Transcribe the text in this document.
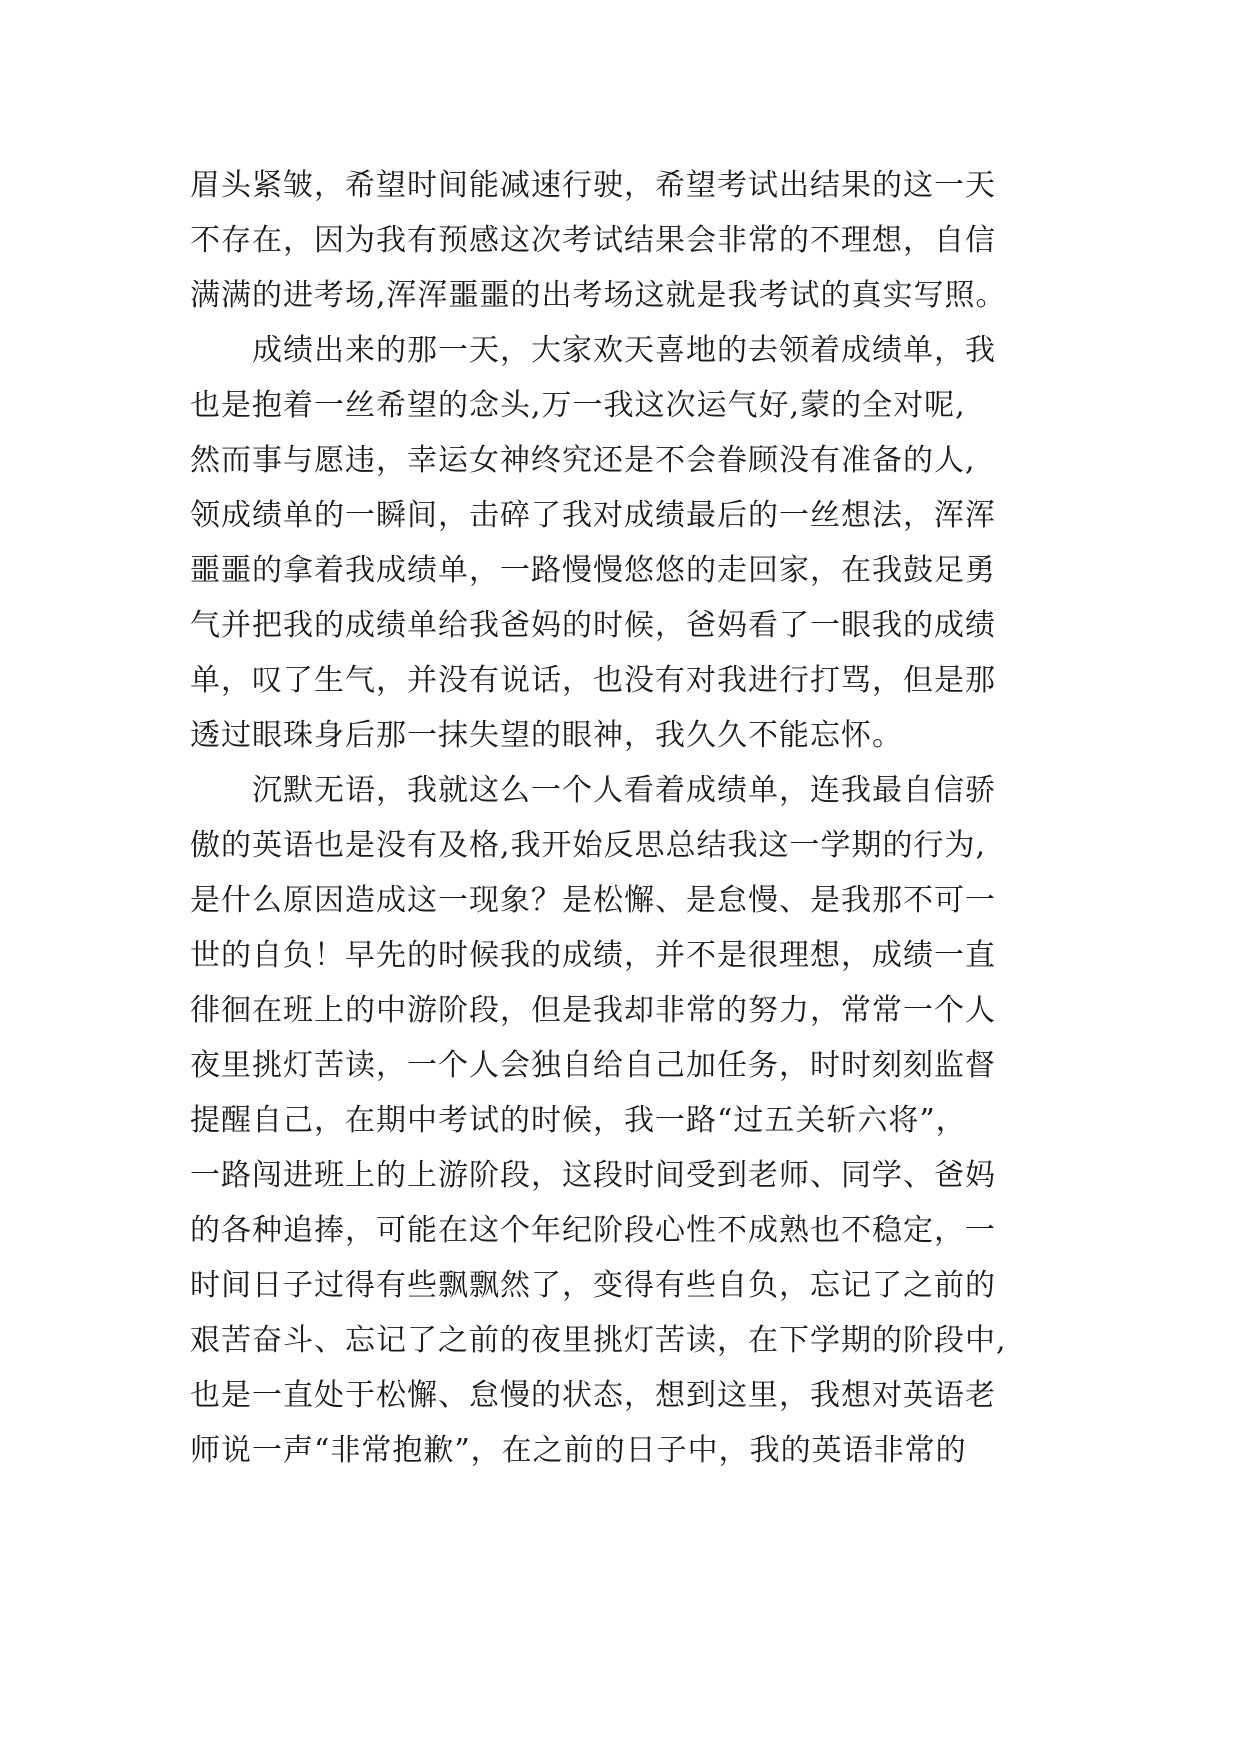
眉头紧皱，希望时间能减速行驶，希望考试出结果的这一天
不存在，因为我有预感这次考试结果会非常的不理想，自信
满满的进考场,浑浑噩噩的出考场这就是我考试的真实写照。
　　成绩出来的那一天，大家欢天喜地的去领着成绩单，我
也是抱着一丝希望的念头,万一我这次运气好,蒙的全对呢,
然而事与愿违，幸运女神终究还是不会眷顾没有准备的人,
领成绩单的一瞬间，击碎了我对成绩最后的一丝想法，浑浑
噩噩的拿着我成绩单，一路慢慢悠悠的走回家，在我鼓足勇
气并把我的成绩单给我爸妈的时候，爸妈看了一眼我的成绩
单，叹了生气，并没有说话，也没有对我进行打骂，但是那
透过眼珠身后那一抹失望的眼神，我久久不能忘怀。
　　沉默无语，我就这么一个人看着成绩单，连我最自信骄
傲的英语也是没有及格,我开始反思总结我这一学期的行为,
是什么原因造成这一现象？是松懈、是怠慢、是我那不可一
世的自负！早先的时候我的成绩，并不是很理想，成绩一直
徘徊在班上的中游阶段，但是我却非常的努力，常常一个人
夜里挑灯苦读，一个人会独自给自己加任务，时时刻刻监督
提醒自己，在期中考试的时候，我一路“过五关斩六将”，
一路闯进班上的上游阶段，这段时间受到老师、同学、爸妈
的各种追捧，可能在这个年纪阶段心性不成熟也不稳定，一
时间日子过得有些飘飘然了，变得有些自负，忘记了之前的
艰苦奋斗、忘记了之前的夜里挑灯苦读，在下学期的阶段中,
也是一直处于松懈、怠慢的状态，想到这里，我想对英语老
师说一声“非常抱歉”，在之前的日子中，我的英语非常的
